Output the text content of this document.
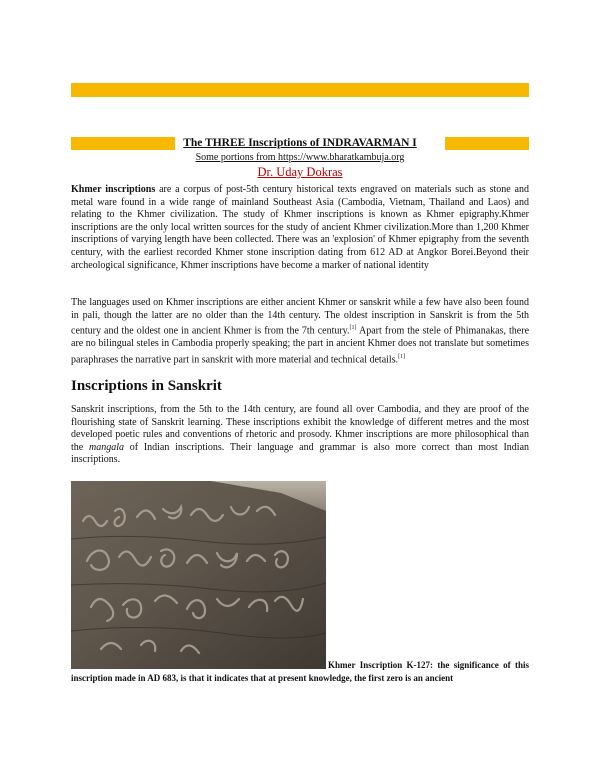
The THREE Inscriptions of INDRAVARMAN I
Some portions from https://www.bharatkambuja.org
Dr. Uday Dokras

Khmer inscriptions are a corpus of post-5th century historical texts engraved on materials such as stone and metal ware found in a wide range of mainland Southeast Asia (Cambodia, Vietnam, Thailand and Laos) and relating to the Khmer civilization. The study of Khmer inscriptions is known as Khmer epigraphy.Khmer inscriptions are the only local written sources for the study of ancient Khmer civilization.More than 1,200 Khmer inscriptions of varying length have been collected. There was an 'explosion' of Khmer epigraphy from the seventh century, with the earliest recorded Khmer stone inscription dating from 612 AD at Angkor Borei.Beyond their archeological significance, Khmer inscriptions have become a marker of national identity

The languages used on Khmer inscriptions are either ancient Khmer or sanskrit while a few have also been found in pali, though the latter are no older than the 14th century. The oldest inscription in Sanskrit is from the 5th century and the oldest one in ancient Khmer is from the 7th century.[1] Apart from the stele of Phimanakas, there are no bilingual steles in Cambodia properly speaking; the part in ancient Khmer does not translate but sometimes paraphrases the narrative part in sanskrit with more material and technical details.[1]

Inscriptions in Sanskrit

Sanskrit inscriptions, from the 5th to the 14th century, are found all over Cambodia, and they are proof of the flourishing state of Sanskrit learning. These inscriptions exhibit the knowledge of different metres and the most developed poetic rules and conventions of rhetoric and prosody. Khmer inscriptions are more philosophical than the mangala of Indian inscriptions. Their language and grammar is also more correct than most Indian inscriptions.

Khmer Inscription K-127: the significance of this inscription made in AD 683, is that it indicates that at present knowledge, the first zero is an ancient
